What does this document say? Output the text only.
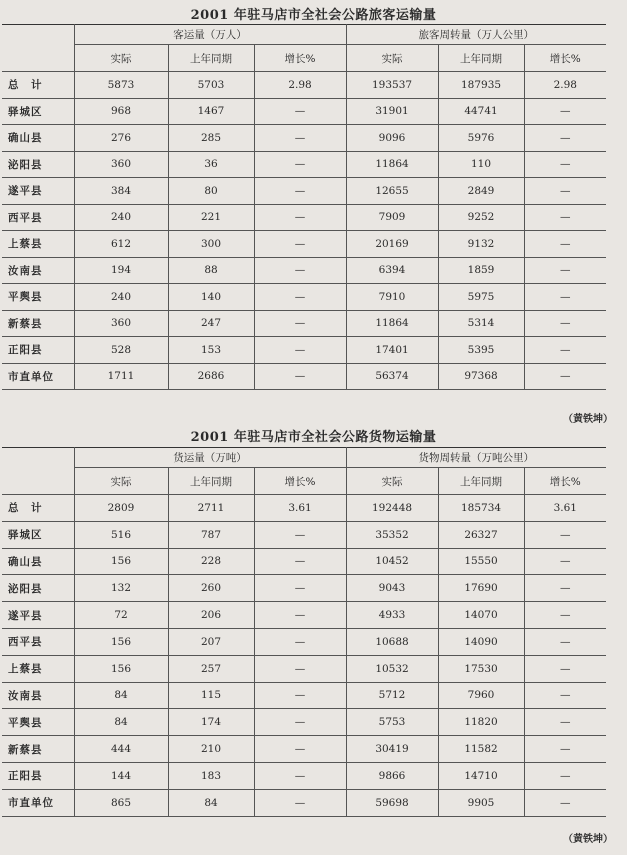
2001 年驻马店市全社会公路旅客运输量
	客运量（万人）			旅客周转量（万人公里）		
	实际	上年同期	增长%	实际	上年同期	增长%
总　计	5873	5703	2.98	193537	187935	2.98
驿城区	968	1467	—	31901	44741	—
确山县	276	285	—	9096	5976	—
泌阳县	360	36	—	11864	110	—
遂平县	384	80	—	12655	2849	—
西平县	240	221	—	7909	9252	—
上蔡县	612	300	—	20169	9132	—
汝南县	194	88	—	6394	1859	—
平舆县	240	140	—	7910	5975	—
新蔡县	360	247	—	11864	5314	—
正阳县	528	153	—	17401	5395	—
市直单位	1711	2686	—	56374	97368	—
（黄铁坤）
2001 年驻马店市全社会公路货物运输量
	货运量（万吨）			货物周转量（万吨公里）		
	实际	上年同期	增长%	实际	上年同期	增长%
总　计	2809	2711	3.61	192448	185734	3.61
驿城区	516	787	—	35352	26327	—
确山县	156	228	—	10452	15550	—
泌阳县	132	260	—	9043	17690	—
遂平县	72	206	—	4933	14070	—
西平县	156	207	—	10688	14090	—
上蔡县	156	257	—	10532	17530	—
汝南县	84	115	—	5712	7960	—
平舆县	84	174	—	5753	11820	—
新蔡县	444	210	—	30419	11582	—
正阳县	144	183	—	9866	14710	—
市直单位	865	84	—	59698	9905	—
（黄铁坤）
